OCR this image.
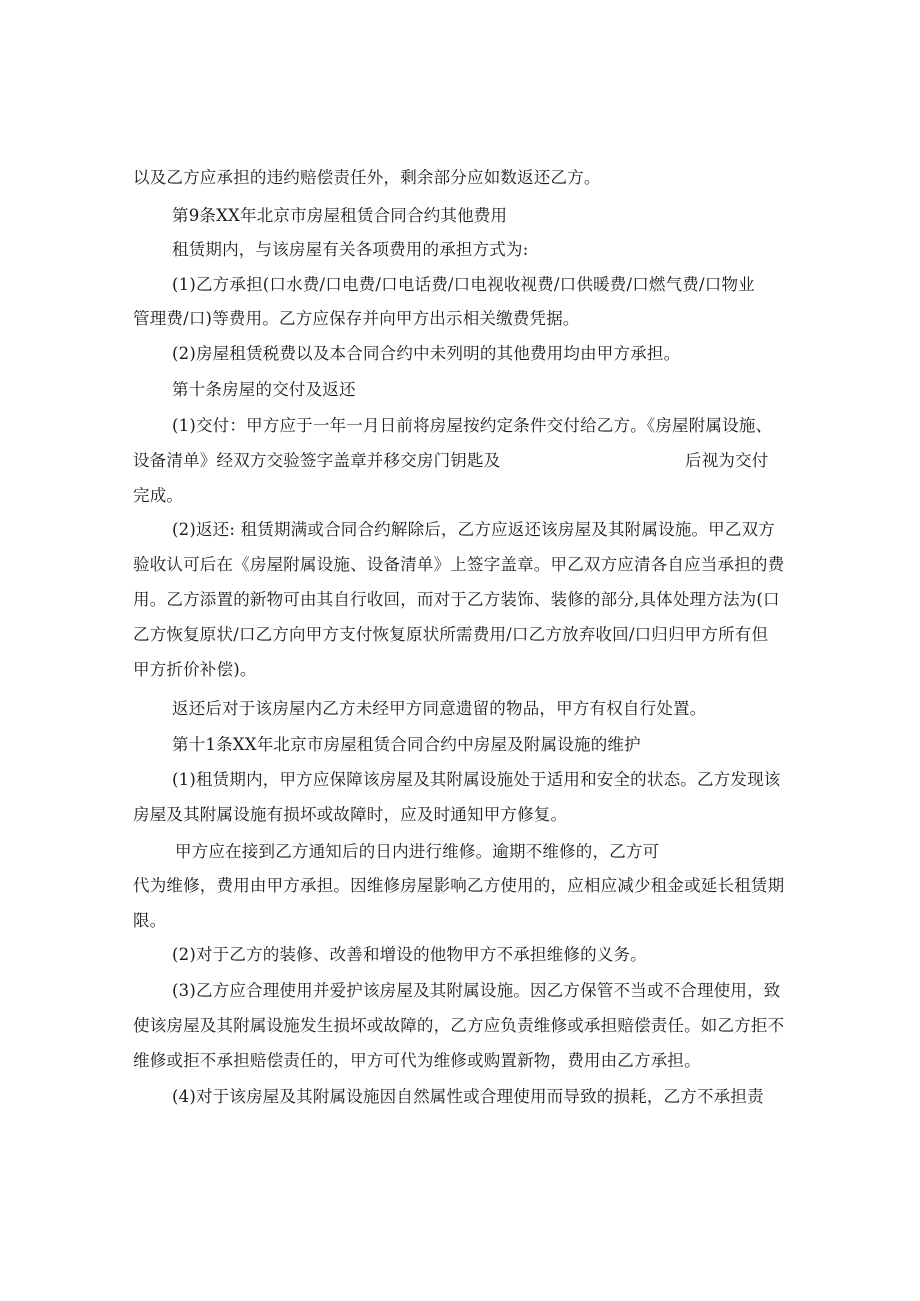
以及乙方应承担的违约赔偿责任外，剩余部分应如数返还乙方。
第9条XX年北京市房屋租赁合同合约其他费用
租赁期内，与该房屋有关各项费用的承担方式为:
(1)乙方承担(口水费/口电费/口电话费/口电视收视费/口供暖费/口燃气费/口物业
管理费/口)等费用。乙方应保存并向甲方出示相关缴费凭据。
(2)房屋租赁税费以及本合同合约中未列明的其他费用均由甲方承担。
第十条房屋的交付及返还
(1)交付：甲方应于一年一月日前将房屋按约定条件交付给乙方。《房屋附属设施、
设备清单》经双方交验签字盖章并移交房门钥匙及	后视为交付
完成。
(2)返还: 租赁期满或合同合约解除后，乙方应返还该房屋及其附属设施。甲乙双方
验收认可后在《房屋附属设施、设备清单》上签字盖章。甲乙双方应清各自应当承担的费
用。乙方添置的新物可由其自行收回，而对于乙方装饰、装修的部分,具体处理方法为(口
乙方恢复原状/口乙方向甲方支付恢复原状所需费用/口乙方放弃收回/口归归甲方所有但
甲方折价补偿)。
返还后对于该房屋内乙方未经甲方同意遗留的物品，甲方有权自行处置。
第十1条XX年北京市房屋租赁合同合约中房屋及附属设施的维护
(1)租赁期内，甲方应保障该房屋及其附属设施处于适用和安全的状态。乙方发现该
房屋及其附属设施有损坏或故障时，应及时通知甲方修复。
甲方应在接到乙方通知后的日内进行维修。逾期不维修的，乙方可
代为维修，费用由甲方承担。因维修房屋影响乙方使用的，应相应减少租金或延长租赁期
限。
(2)对于乙方的装修、改善和增设的他物甲方不承担维修的义务。
(3)乙方应合理使用并爱护该房屋及其附属设施。因乙方保管不当或不合理使用，致
使该房屋及其附属设施发生损坏或故障的，乙方应负责维修或承担赔偿责任。如乙方拒不
维修或拒不承担赔偿责任的，甲方可代为维修或购置新物，费用由乙方承担。
(4)对于该房屋及其附属设施因自然属性或合理使用而导致的损耗，乙方不承担责
